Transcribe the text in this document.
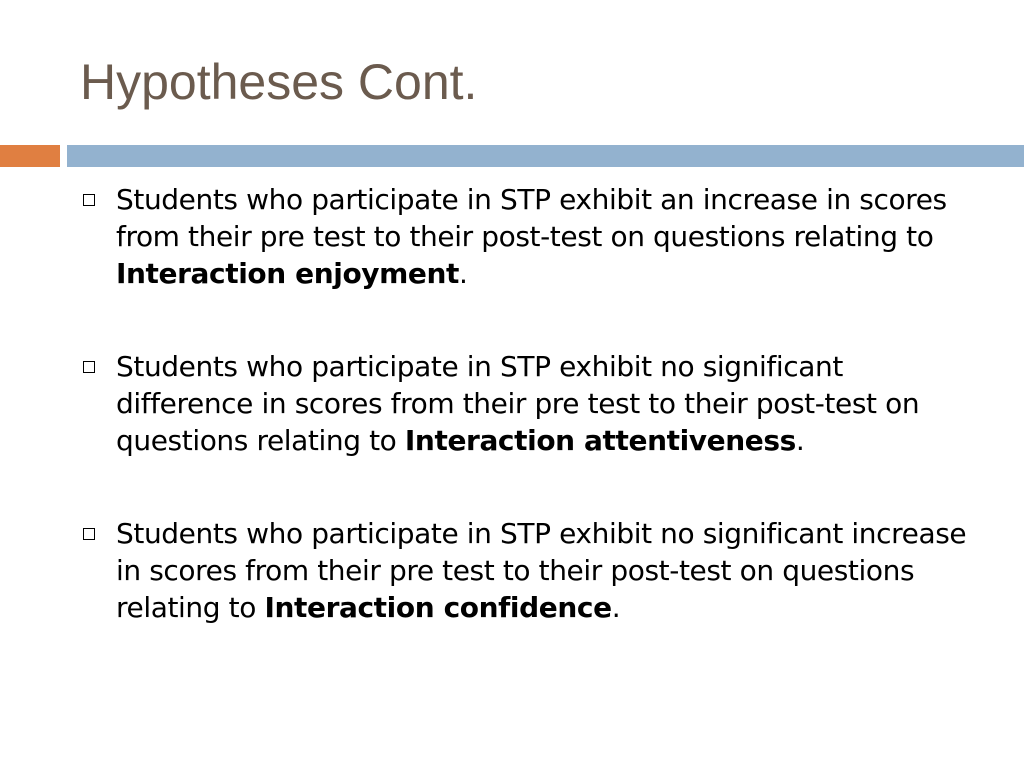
Hypotheses Cont.
Students who participate in STP exhibit an increase in scores from their pre test to their post-test on questions relating to Interaction enjoyment.
Students who participate in STP exhibit no significant difference in scores from their pre test to their post-test on questions relating to Interaction attentiveness.
Students who participate in STP exhibit no significant increase in scores from their pre test to their post-test on questions relating to Interaction confidence.
